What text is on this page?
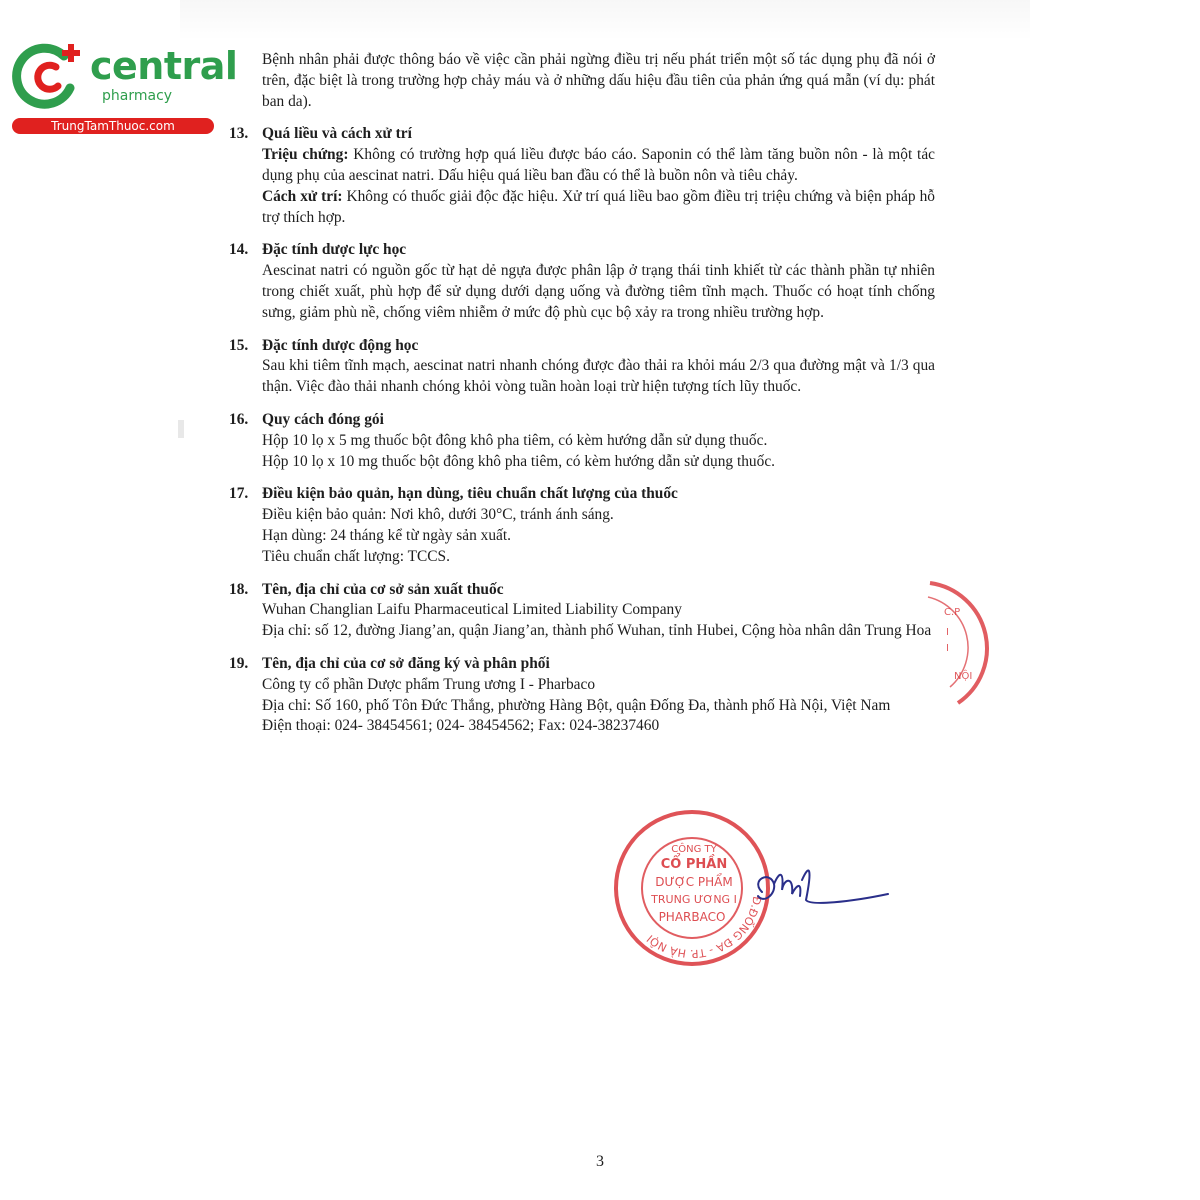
central
pharmacy
TrungTamThuoc.com

Bệnh nhân phải được thông báo về việc cần phải ngừng điều trị nếu phát triển một số tác dụng phụ đã nói ở trên, đặc biệt là trong trường hợp chảy máu và ở những dấu hiệu đầu tiên của phản ứng quá mẫn (ví dụ: phát ban da).

13. Quá liều và cách xử trí

Triệu chứng: Không có trường hợp quá liều được báo cáo. Saponin có thể làm tăng buồn nôn - là một tác dụng phụ của aescinat natri. Dấu hiệu quá liều ban đầu có thể là buồn nôn và tiêu chảy.

Cách xử trí: Không có thuốc giải độc đặc hiệu. Xử trí quá liều bao gồm điều trị triệu chứng và biện pháp hỗ trợ thích hợp.

14. Đặc tính dược lực học

Aescinat natri có nguồn gốc từ hạt dẻ ngựa được phân lập ở trạng thái tinh khiết từ các thành phần tự nhiên trong chiết xuất, phù hợp để sử dụng dưới dạng uống và đường tiêm tĩnh mạch. Thuốc có hoạt tính chống sưng, giảm phù nề, chống viêm nhiễm ở mức độ phù cục bộ xảy ra trong nhiều trường hợp.

15. Đặc tính dược động học

Sau khi tiêm tĩnh mạch, aescinat natri nhanh chóng được đào thải ra khỏi máu 2/3 qua đường mật và 1/3 qua thận. Việc đào thải nhanh chóng khỏi vòng tuần hoàn loại trừ hiện tượng tích lũy thuốc.

16. Quy cách đóng gói

Hộp 10 lọ x 5 mg thuốc bột đông khô pha tiêm, có kèm hướng dẫn sử dụng thuốc.

Hộp 10 lọ x 10 mg thuốc bột đông khô pha tiêm, có kèm hướng dẫn sử dụng thuốc.

17. Điều kiện bảo quản, hạn dùng, tiêu chuẩn chất lượng của thuốc

Điều kiện bảo quản: Nơi khô, dưới 30°C, tránh ánh sáng.

Hạn dùng: 24 tháng kể từ ngày sản xuất.

Tiêu chuẩn chất lượng: TCCS.

18. Tên, địa chỉ của cơ sở sản xuất thuốc

Wuhan Changlian Laifu Pharmaceutical Limited Liability Company

Địa chỉ: số 12, đường Jiang’an, quận Jiang’an, thành phố Wuhan, tỉnh Hubei, Cộng hòa nhân dân Trung Hoa

19. Tên, địa chỉ của cơ sở đăng ký và phân phối

Công ty cổ phần Dược phẩm Trung ương I - Pharbaco

Địa chỉ: Số 160, phố Tôn Đức Thắng, phường Hàng Bột, quận Đống Đa, thành phố Hà Nội, Việt Nam

Điện thoại: 024- 38454561; 024- 38454562; Fax: 024-38237460

C.P
I
I
NỘI
Đ.ĐỐNG ĐA - TP. HÀ NỘI
CÔNG TY
CỔ PHẦN
DƯỢC PHẨM
TRUNG ƯƠNG I
PHARBACO
3
